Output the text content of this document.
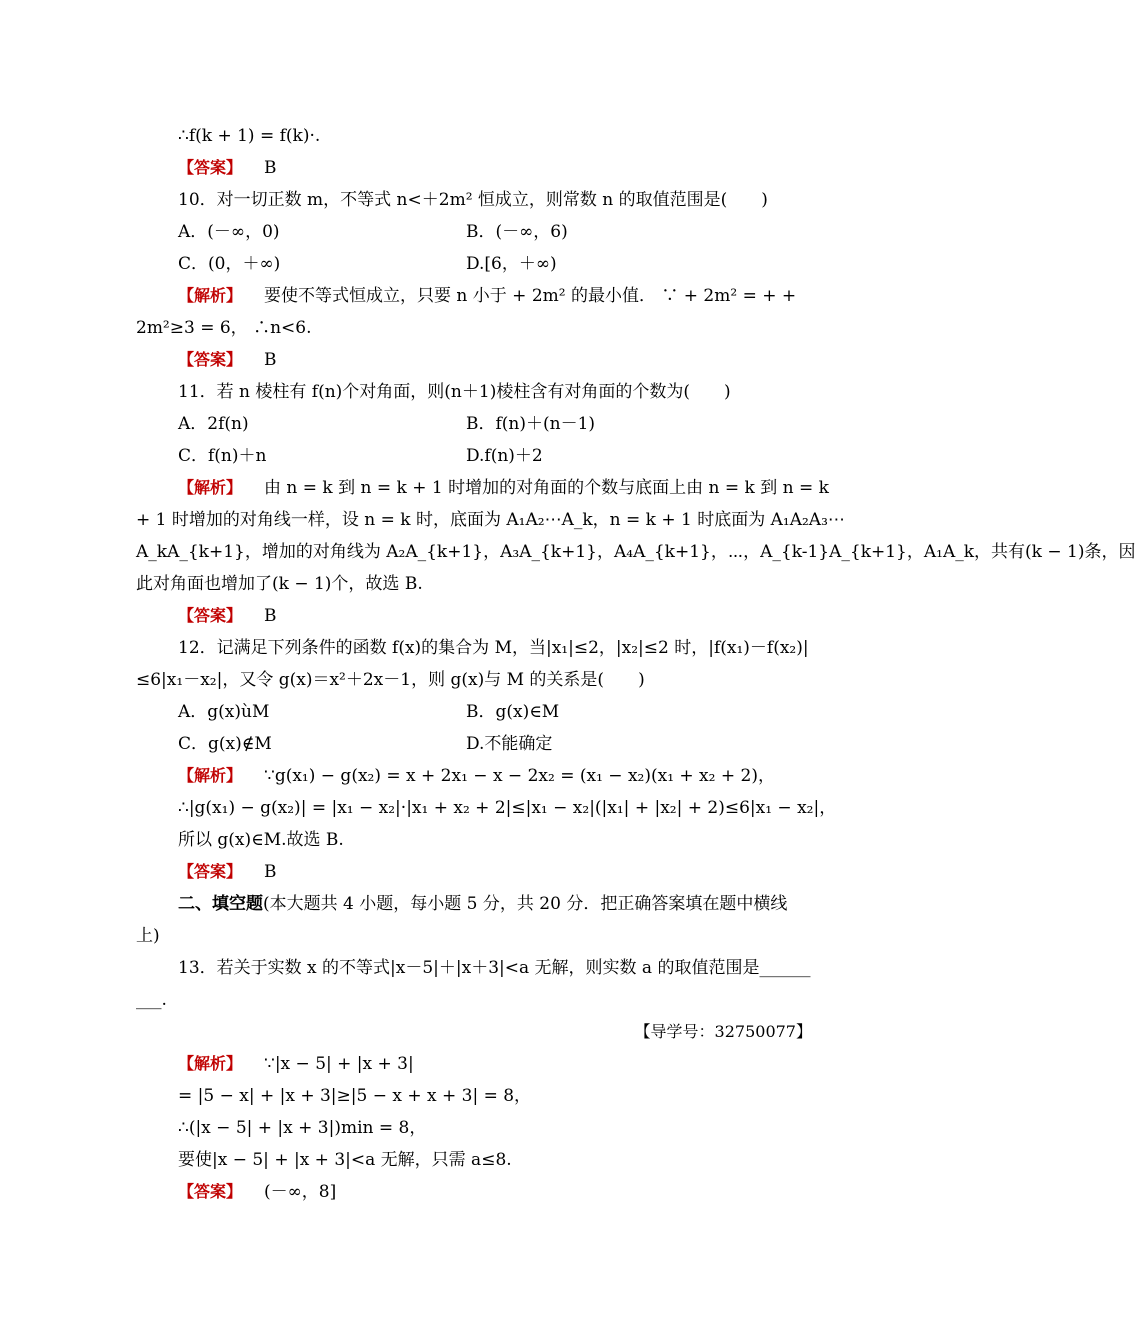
∴f(k + 1) = f(k)·.
【答案】 B
10．对一切正数 m，不等式 n<＋2m² 恒成立，则常数 n 的取值范围是(　　)
A．(－∞，0)	B．(－∞，6)
C．(0，＋∞)	D.[6，＋∞)
【解析】 要使不等式恒成立，只要 n 小于 + 2m² 的最小值． ∵ + 2m² = + +
2m²≥3 = 6， ∴n<6.
【答案】 B
11．若 n 棱柱有 f(n)个对角面，则(n＋1)棱柱含有对角面的个数为(　　)
A．2f(n)	B．f(n)＋(n－1)
C．f(n)＋n	D.f(n)＋2
【解析】 由 n = k 到 n = k + 1 时增加的对角面的个数与底面上由 n = k 到 n = k
+ 1 时增加的对角线一样，设 n = k 时，底面为 A₁A₂⋯A_k，n = k + 1 时底面为 A₁A₂A₃⋯
A_kA_{k+1}，增加的对角线为 A₂A_{k+1}，A₃A_{k+1}，A₄A_{k+1}，⋯，A_{k-1}A_{k+1}，A₁A_k，共有(k − 1)条，因
此对角面也增加了(k − 1)个，故选 B.
【答案】 B
12．记满足下列条件的函数 f(x)的集合为 M，当|x₁|≤2，|x₂|≤2 时，|f(x₁)－f(x₂)|
≤6|x₁－x₂|，又令 g(x)＝x²＋2x－1，则 g(x)与 M 的关系是(　　)
A．g(x)ùM	B．g(x)∈M
C．g(x)∉M	D.不能确定
【解析】 ∵g(x₁) − g(x₂) = x + 2x₁ − x − 2x₂ = (x₁ − x₂)(x₁ + x₂ + 2)，
∴|g(x₁) − g(x₂)| = |x₁ − x₂|·|x₁ + x₂ + 2|≤|x₁ − x₂|(|x₁| + |x₂| + 2)≤6|x₁ − x₂|，
所以 g(x)∈M.故选 B.
【答案】 B
二、填空题(本大题共 4 小题，每小题 5 分，共 20 分．把正确答案填在题中横线
上)
13．若关于实数 x 的不等式|x－5|＋|x＋3|<a 无解，则实数 a 的取值范围是______
___.
【导学号：32750077】
【解析】 ∵|x − 5| + |x + 3|
= |5 − x| + |x + 3|≥|5 − x + x + 3| = 8，
∴(|x − 5| + |x + 3|)min = 8，
要使|x − 5| + |x + 3|<a 无解，只需 a≤8.
【答案】 (－∞，8]
